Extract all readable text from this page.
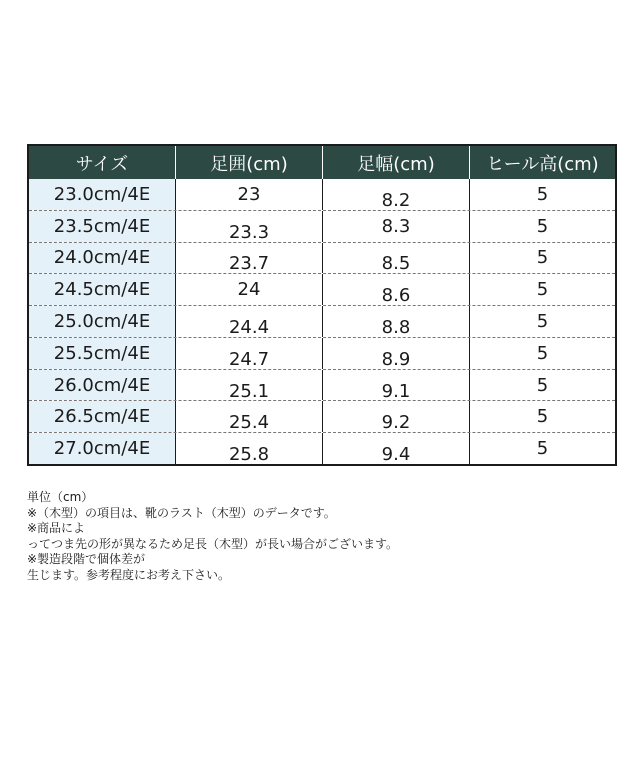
サイズ	足囲(cm)	足幅(cm)	ヒール高(cm)
23.0cm/4E	23	8.2	5
23.5cm/4E	23.3	8.3	5
24.0cm/4E	23.7	8.5	5
24.5cm/4E	24	8.6	5
25.0cm/4E	24.4	8.8	5
25.5cm/4E	24.7	8.9	5
26.0cm/4E	25.1	9.1	5
26.5cm/4E	25.4	9.2	5
27.0cm/4E	25.8	9.4	5
単位（cm）
※（木型）の項目は、靴のラスト（木型）のデータです。
※商品によ
ってつま先の形が異なるため足長（木型）が長い場合がございます。
※製造段階で個体差が
生じます。参考程度にお考え下さい。
